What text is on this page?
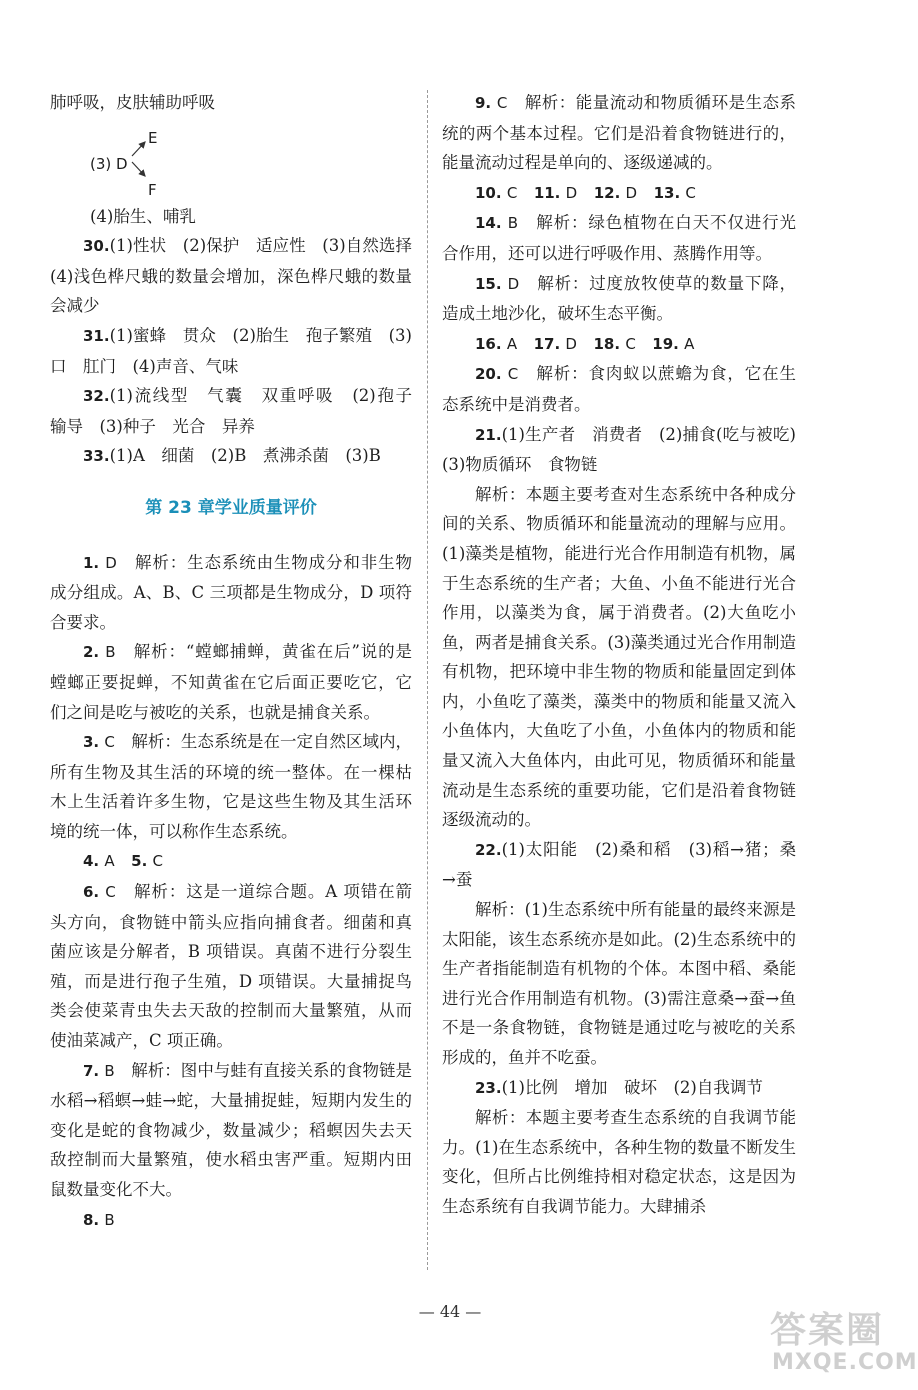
肺呼吸，皮肤辅助呼吸

(3) D
E
F

(4)胎生、哺乳

30.(1)性状　(2)保护　适应性　(3)自然选择　(4)浅色桦尺蛾的数量会增加，深色桦尺蛾的数量会减少

31.(1)蜜蜂　贯众　(2)胎生　孢子繁殖　(3)口　肛门　(4)声音、气味

32.(1)流线型　气囊　双重呼吸　(2)孢子　输导　(3)种子　光合　异养

33.(1)A　细菌　(2)B　煮沸杀菌　(3)B

第 23 章学业质量评价

1. D　 解析：生态系统由生物成分和非生物成分组成。A、B、C 三项都是生物成分，D 项符合要求。

2. B　 解析：“螳螂捕蝉，黄雀在后”说的是螳螂正要捉蝉，不知黄雀在它后面正要吃它，它们之间是吃与被吃的关系，也就是捕食关系。

3. C　 解析：生态系统是在一定自然区域内，所有生物及其生活的环境的统一整体。在一棵枯木上生活着许多生物，它是这些生物及其生活环境的统一体，可以称作生态系统。

4. A　 5. C

6. C　 解析：这是一道综合题。A 项错在箭头方向，食物链中箭头应指向捕食者。细菌和真菌应该是分解者，B 项错误。真菌不进行分裂生殖，而是进行孢子生殖，D 项错误。大量捕捉鸟类会使菜青虫失去天敌的控制而大量繁殖，从而使油菜减产，C 项正确。

7. B　 解析：图中与蛙有直接关系的食物链是水稻→稻螟→蛙→蛇，大量捕捉蛙，短期内发生的变化是蛇的食物减少，数量减少；稻螟因失去天敌控制而大量繁殖，使水稻虫害严重。短期内田鼠数量变化不大。

8. B

9. C　 解析：能量流动和物质循环是生态系统的两个基本过程。它们是沿着食物链进行的，能量流动过程是单向的、逐级递减的。

10. C　 11. D　 12. D　 13. C

14. B　 解析：绿色植物在白天不仅进行光合作用，还可以进行呼吸作用、蒸腾作用等。

15. D　 解析：过度放牧使草的数量下降，造成土地沙化，破坏生态平衡。

16. A　 17. D　 18. C　 19. A

20. C　 解析：食肉蚁以蔗蟾为食，它在生态系统中是消费者。

21.(1)生产者　消费者　(2)捕食(吃与被吃)　(3)物质循环　食物链

解析：本题主要考查对生态系统中各种成分间的关系、物质循环和能量流动的理解与应用。(1)藻类是植物，能进行光合作用制造有机物，属于生态系统的生产者；大鱼、小鱼不能进行光合作用，以藻类为食，属于消费者。(2)大鱼吃小鱼，两者是捕食关系。(3)藻类通过光合作用制造有机物，把环境中非生物的物质和能量固定到体内，小鱼吃了藻类，藻类中的物质和能量又流入小鱼体内，大鱼吃了小鱼，小鱼体内的物质和能量又流入大鱼体内，由此可见，物质循环和能量流动是生态系统的重要功能，它们是沿着食物链逐级流动的。

22.(1)太阳能　(2)桑和稻　(3)稻→猪；桑→蚕

解析：(1)生态系统中所有能量的最终来源是太阳能，该生态系统亦是如此。(2)生态系统中的生产者指能制造有机物的个体。本图中稻、桑能进行光合作用制造有机物。(3)需注意桑→蚕→鱼不是一条食物链，食物链是通过吃与被吃的关系形成的，鱼并不吃蚕。

23.(1)比例　增加　破坏　(2)自我调节

解析：本题主要考查生态系统的自我调节能力。(1)在生态系统中，各种生物的数量不断发生变化，但所占比例维持相对稳定状态，这是因为生态系统有自我调节能力。大肆捕杀

— 44 —	答案圈
MXQE.COM
